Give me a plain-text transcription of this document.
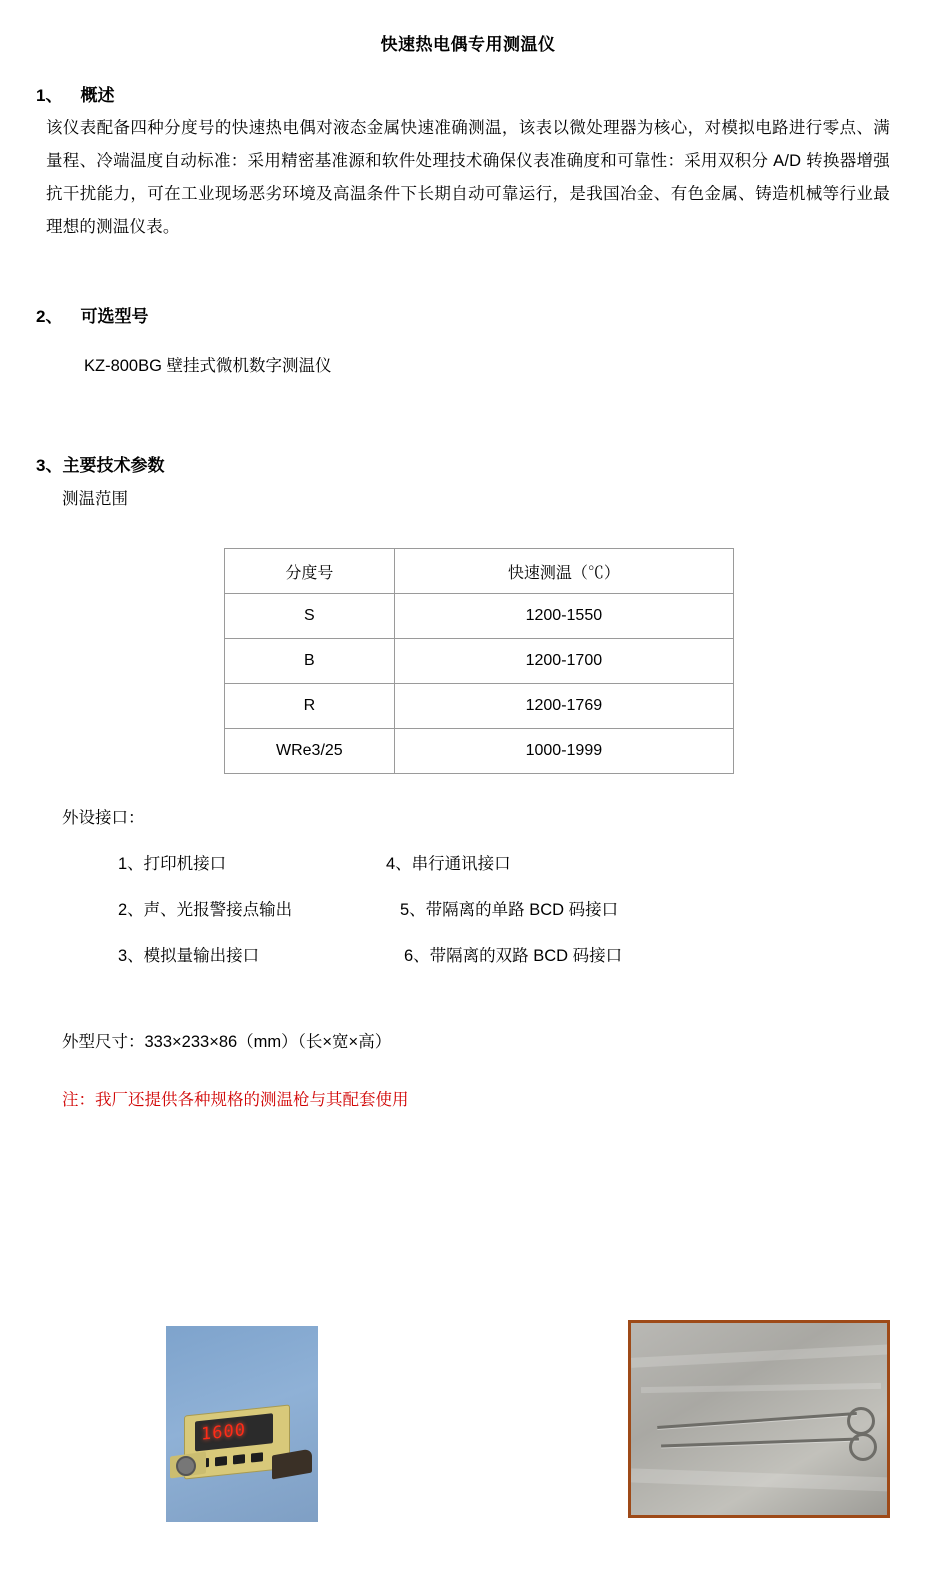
快速热电偶专用测温仪
1、 概述
该仪表配备四种分度号的快速热电偶对液态金属快速准确测温，该表以微处理器为核心，对模拟电路进行零点、满量程、冷端温度自动标准：采用精密基准源和软件处理技术确保仪表准确度和可靠性：采用双积分 A/D 转换器增强抗干扰能力，可在工业现场恶劣环境及高温条件下长期自动可靠运行，是我国冶金、有色金属、铸造机械等行业最理想的测温仪表。
2、 可选型号
KZ-800BG 壁挂式微机数字测温仪
3、主要技术参数
测温范围
分度号	快速测温（℃）
S	1200-1550
B	1200-1700
R	1200-1769
WRe3/25	1000-1999
外设接口：
1、打印机接口	4、串行通讯接口
2、声、光报警接点输出	5、带隔离的单路 BCD 码接口
3、模拟量输出接口	6、带隔离的双路 BCD 码接口
外型尺寸：333×233×86（mm）（长×宽×高）
注：我厂还提供各种规格的测温枪与其配套使用
1600
